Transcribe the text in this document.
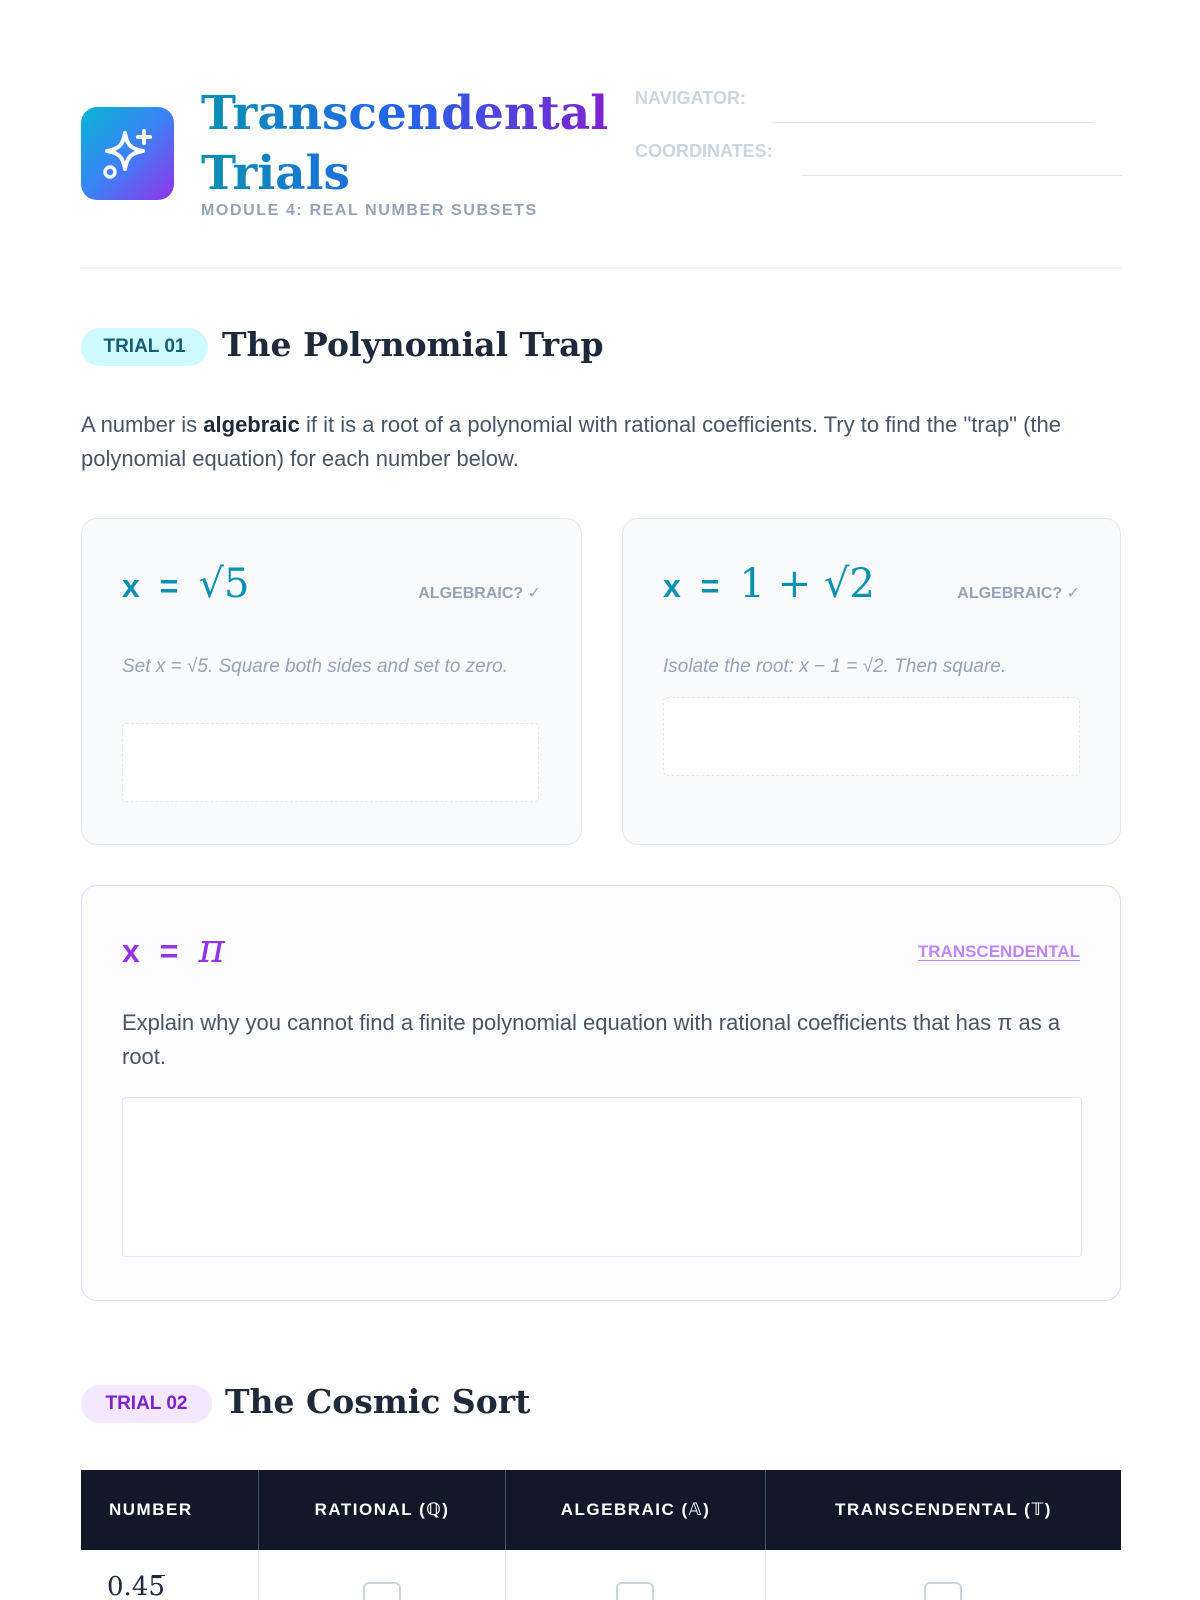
Transcendental
Trials
MODULE 4: REAL NUMBER SUBSETS
NAVIGATOR:
COORDINATES:
TRIAL 01	The Polynomial Trap
A number is algebraic if it is a root of a polynomial with rational coefficients. Try to find the "trap" (the polynomial equation) for each number below.
x = √5	ALGEBRAIC? ✓
Set x = √5. Square both sides and set to zero.
x = 1 + √2	ALGEBRAIC? ✓
Isolate the root: x − 1 = √2. Then square.
x = π	TRANSCENDENTAL
Explain why you cannot find a finite polynomial equation with rational coefficients that has π as a root.
TRIAL 02	The Cosmic Sort
NUMBER	RATIONAL (ℚ)	ALGEBRAIC (𝔸)	TRANSCENDENTAL (𝕋)
0.45̅
